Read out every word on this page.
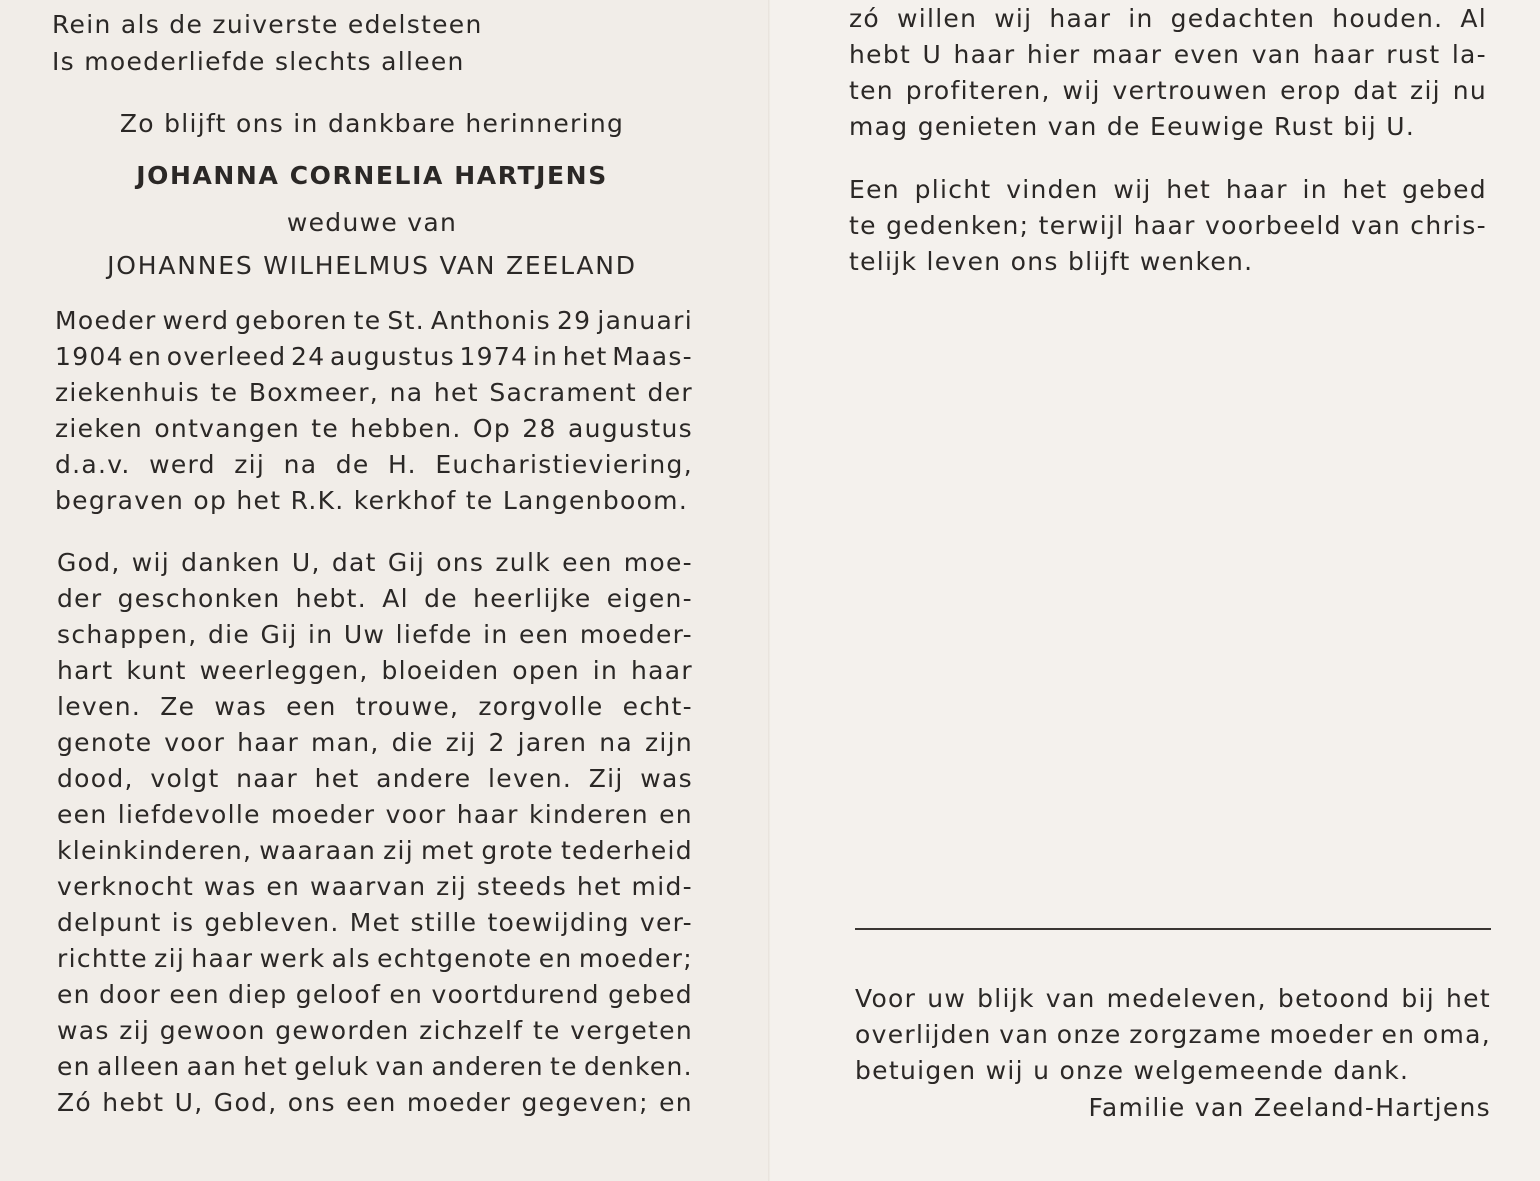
Rein als de zuiverste edelsteen
Is moederliefde slechts alleen
Zo blijft ons in dankbare herinnering
JOHANNA CORNELIA HARTJENS
weduwe van
JOHANNES WILHELMUS VAN ZEELAND
Moeder werd geboren te St. Anthonis 29 januari
1904 en overleed 24 augustus 1974 in het Maas-
ziekenhuis te Boxmeer, na het Sacrament der
zieken ontvangen te hebben. Op 28 augustus
d.a.v. werd zij na de H. Eucharistieviering,
begraven op het R.K. kerkhof te Langenboom.
God, wij danken U, dat Gij ons zulk een moe-
der geschonken hebt. Al de heerlijke eigen-
schappen, die Gij in Uw liefde in een moeder-
hart kunt weerleggen, bloeiden open in haar
leven. Ze was een trouwe, zorgvolle echt-
genote voor haar man, die zij 2 jaren na zijn
dood, volgt naar het andere leven. Zij was
een liefdevolle moeder voor haar kinderen en
kleinkinderen, waaraan zij met grote tederheid
verknocht was en waarvan zij steeds het mid-
delpunt is gebleven. Met stille toewijding ver-
richtte zij haar werk als echtgenote en moeder;
en door een diep geloof en voortdurend gebed
was zij gewoon geworden zichzelf te vergeten
en alleen aan het geluk van anderen te denken.
Zó hebt U, God, ons een moeder gegeven; en
zó willen wij haar in gedachten houden. Al
hebt U haar hier maar even van haar rust la-
ten profiteren, wij vertrouwen erop dat zij nu
mag genieten van de Eeuwige Rust bij U.
Een plicht vinden wij het haar in het gebed
te gedenken; terwijl haar voorbeeld van chris-
telijk leven ons blijft wenken.
Voor uw blijk van medeleven, betoond bij het
overlijden van onze zorgzame moeder en oma,
betuigen wij u onze welgemeende dank.
Familie van Zeeland-Hartjens
